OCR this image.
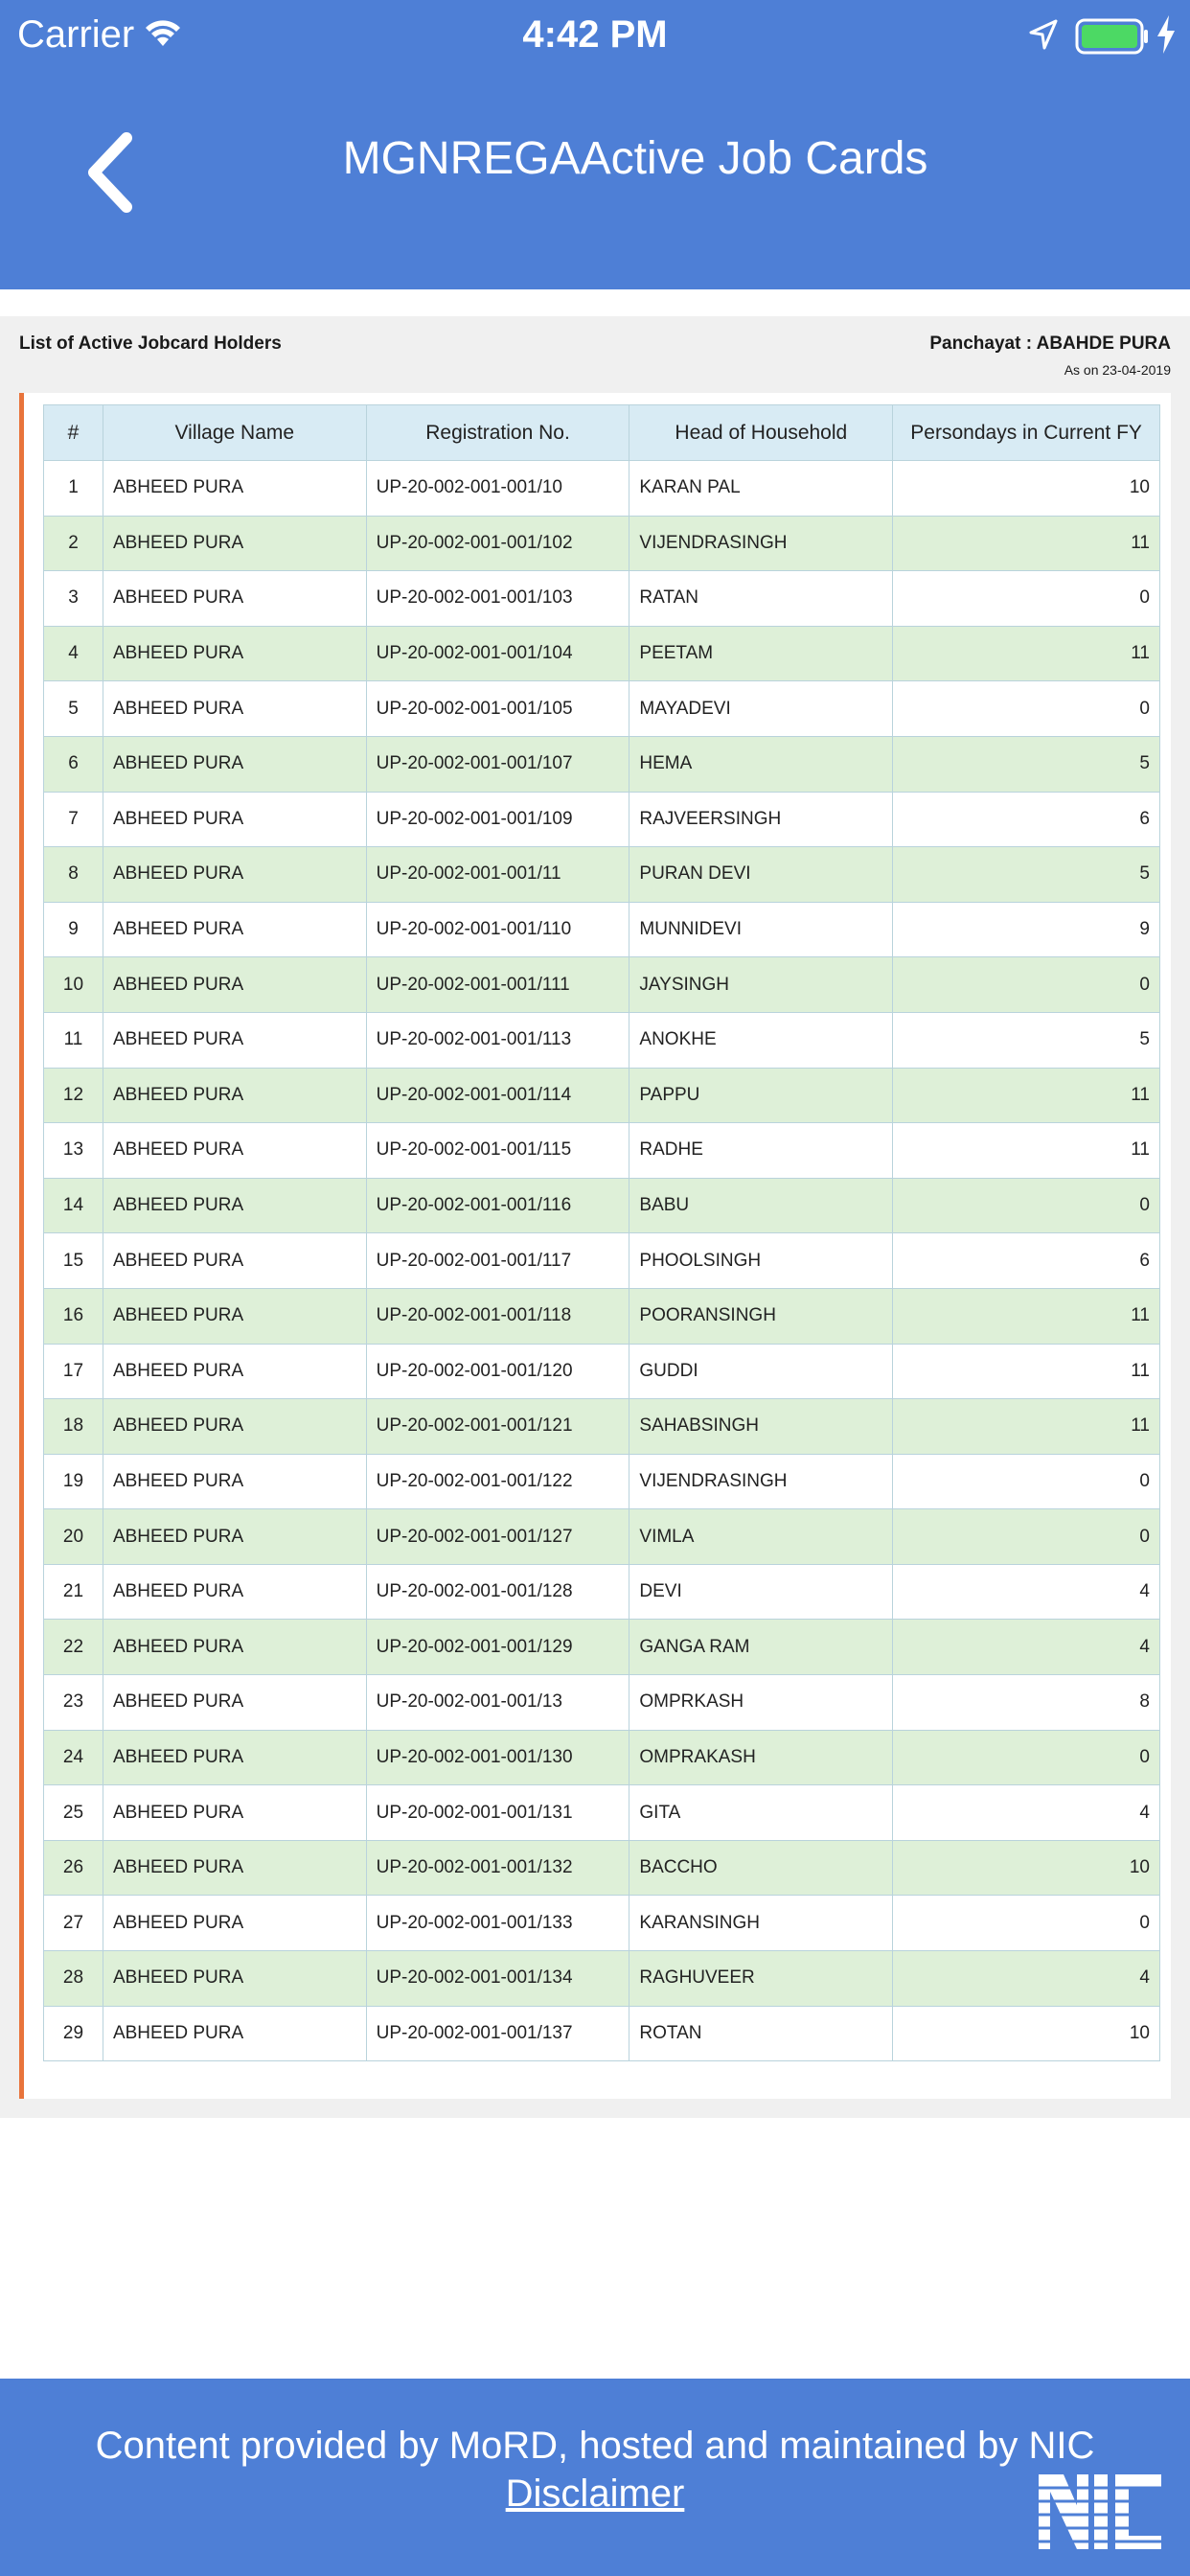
Carrier	4:42 PM
MGNREGAActive Job Cards
List of Active Jobcard Holders	Panchayat : ABAHDE PURA
As on 23-04-2019
#	Village Name	Registration No.	Head of Household	Persondays in Current FY
1	ABHEED PURA	UP-20-002-001-001/10	KARAN PAL	10
2	ABHEED PURA	UP-20-002-001-001/102	VIJENDRASINGH	11
3	ABHEED PURA	UP-20-002-001-001/103	RATAN	0
4	ABHEED PURA	UP-20-002-001-001/104	PEETAM	11
5	ABHEED PURA	UP-20-002-001-001/105	MAYADEVI	0
6	ABHEED PURA	UP-20-002-001-001/107	HEMA	5
7	ABHEED PURA	UP-20-002-001-001/109	RAJVEERSINGH	6
8	ABHEED PURA	UP-20-002-001-001/11	PURAN DEVI	5
9	ABHEED PURA	UP-20-002-001-001/110	MUNNIDEVI	9
10	ABHEED PURA	UP-20-002-001-001/111	JAYSINGH	0
11	ABHEED PURA	UP-20-002-001-001/113	ANOKHE	5
12	ABHEED PURA	UP-20-002-001-001/114	PAPPU	11
13	ABHEED PURA	UP-20-002-001-001/115	RADHE	11
14	ABHEED PURA	UP-20-002-001-001/116	BABU	0
15	ABHEED PURA	UP-20-002-001-001/117	PHOOLSINGH	6
16	ABHEED PURA	UP-20-002-001-001/118	POORANSINGH	11
17	ABHEED PURA	UP-20-002-001-001/120	GUDDI	11
18	ABHEED PURA	UP-20-002-001-001/121	SAHABSINGH	11
19	ABHEED PURA	UP-20-002-001-001/122	VIJENDRASINGH	0
20	ABHEED PURA	UP-20-002-001-001/127	VIMLA	0
21	ABHEED PURA	UP-20-002-001-001/128	DEVI	4
22	ABHEED PURA	UP-20-002-001-001/129	GANGA RAM	4
23	ABHEED PURA	UP-20-002-001-001/13	OMPRKASH	8
24	ABHEED PURA	UP-20-002-001-001/130	OMPRAKASH	0
25	ABHEED PURA	UP-20-002-001-001/131	GITA	4
26	ABHEED PURA	UP-20-002-001-001/132	BACCHO	10
27	ABHEED PURA	UP-20-002-001-001/133	KARANSINGH	0
28	ABHEED PURA	UP-20-002-001-001/134	RAGHUVEER	4
29	ABHEED PURA	UP-20-002-001-001/137	ROTAN	10
Content provided by MoRD, hosted and maintained by NIC
Disclaimer
